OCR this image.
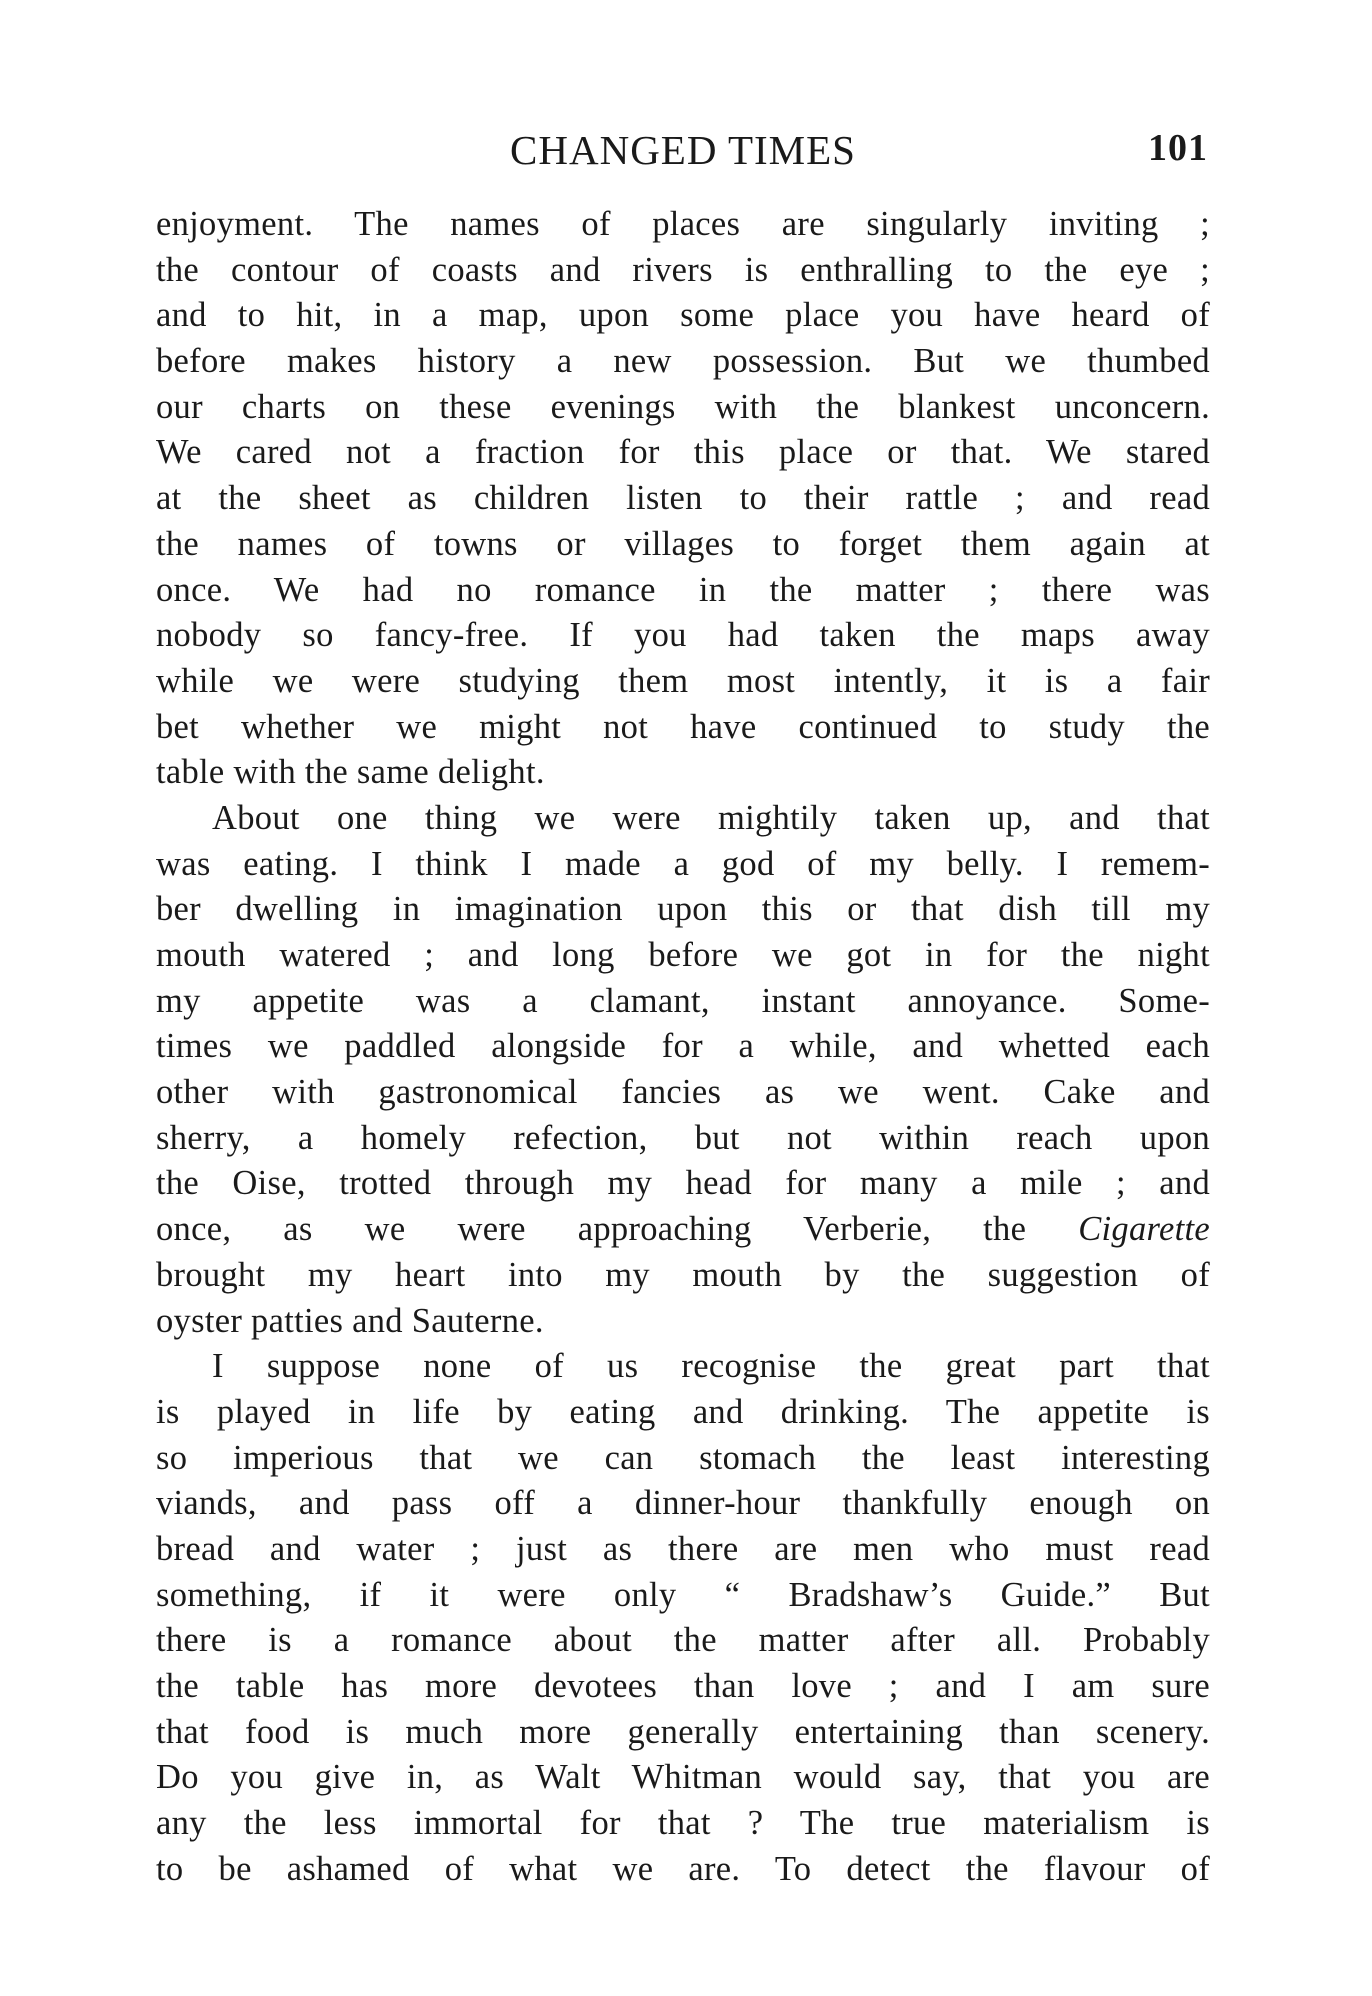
CHANGED TIMES	101
enjoyment. The names of places are singularly inviting ;
the contour of coasts and rivers is enthralling to the eye ;
and to hit, in a map, upon some place you have heard of
before makes history a new possession. But we thumbed
our charts on these evenings with the blankest unconcern.
We cared not a fraction for this place or that. We stared
at the sheet as children listen to their rattle ; and read
the names of towns or villages to forget them again at
once. We had no romance in the matter ; there was
nobody so fancy-free. If you had taken the maps away
while we were studying them most intently, it is a fair
bet whether we might not have continued to study the
table with the same delight.
About one thing we were mightily taken up, and that
was eating. I think I made a god of my belly. I remem-
ber dwelling in imagination upon this or that dish till my
mouth watered ; and long before we got in for the night
my appetite was a clamant, instant annoyance. Some-
times we paddled alongside for a while, and whetted each
other with gastronomical fancies as we went. Cake and
sherry, a homely refection, but not within reach upon
the Oise, trotted through my head for many a mile ; and
once, as we were approaching Verberie, the Cigarette
brought my heart into my mouth by the suggestion of
oyster patties and Sauterne.
I suppose none of us recognise the great part that
is played in life by eating and drinking. The appetite is
so imperious that we can stomach the least interesting
viands, and pass off a dinner-hour thankfully enough on
bread and water ; just as there are men who must read
something, if it were only “ Bradshaw’s Guide.” But
there is a romance about the matter after all. Probably
the table has more devotees than love ; and I am sure
that food is much more generally entertaining than scenery.
Do you give in, as Walt Whitman would say, that you are
any the less immortal for that ? The true materialism is
to be ashamed of what we are. To detect the flavour of
